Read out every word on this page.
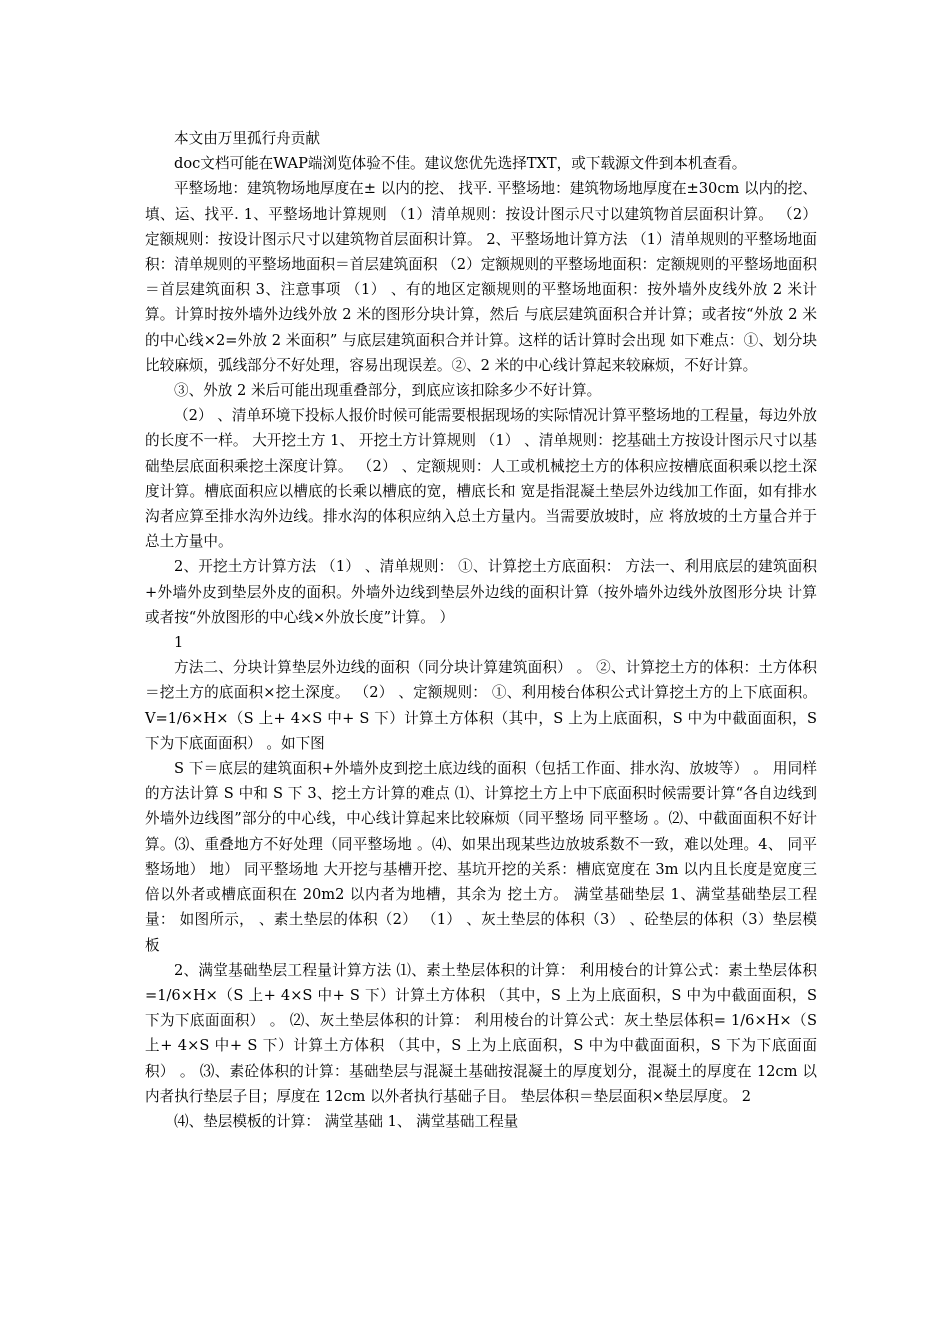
本文由万里孤行舟贡献

doc文档可能在WAP端浏览体验不佳。建议您优先选择TXT，或下载源文件到本机查看。

平整场地：建筑物场地厚度在± 以内的挖、 找平. 平整场地：建筑物场地厚度在±30cm 以内的挖、填、运、找平. 1、平整场地计算规则 （1）清单规则：按设计图示尺寸以建筑物首层面积计算。 （2）定额规则：按设计图示尺寸以建筑物首层面积计算。 2、平整场地计算方法 （1）清单规则的平整场地面积：清单规则的平整场地面积＝首层建筑面积 （2）定额规则的平整场地面积：定额规则的平整场地面积＝首层建筑面积 3、注意事项 （1） 、有的地区定额规则的平整场地面积：按外墙外皮线外放 2 米计算。计算时按外墙外边线外放 2 米的图形分块计算，然后 与底层建筑面积合并计算；或者按“外放 2 米的中心线×2=外放 2 米面积” 与底层建筑面积合并计算。这样的话计算时会出现 如下难点：①、划分块比较麻烦，弧线部分不好处理，容易出现误差。②、2 米的中心线计算起来较麻烦，不好计算。

③、外放 2 米后可能出现重叠部分，到底应该扣除多少不好计算。

（2） 、清单环境下投标人报价时候可能需要根据现场的实际情况计算平整场地的工程量，每边外放的长度不一样。 大开挖土方 1、 开挖土方计算规则 （1） 、清单规则：挖基础土方按设计图示尺寸以基础垫层底面积乘挖土深度计算。 （2） 、定额规则：人工或机械挖土方的体积应按槽底面积乘以挖土深度计算。槽底面积应以槽底的长乘以槽底的宽，槽底长和 宽是指混凝土垫层外边线加工作面，如有排水沟者应算至排水沟外边线。排水沟的体积应纳入总土方量内。当需要放坡时，应 将放坡的土方量合并于总土方量中。

2、开挖土方计算方法 （1） 、清单规则： ①、计算挖土方底面积： 方法一、利用底层的建筑面积+外墙外皮到垫层外皮的面积。外墙外边线到垫层外边线的面积计算（按外墙外边线外放图形分块 计算或者按“外放图形的中心线×外放长度”计算。 ）

1

方法二、分块计算垫层外边线的面积（同分块计算建筑面积） 。 ②、计算挖土方的体积：土方体积＝挖土方的底面积×挖土深度。 （2） 、定额规则： ①、利用棱台体积公式计算挖土方的上下底面积。 V=1/6×H×（S 上+ 4×S 中+ S 下）计算土方体积（其中，S 上为上底面积，S 中为中截面面积，S 下为下底面面积） 。如下图

S 下＝底层的建筑面积+外墙外皮到挖土底边线的面积（包括工作面、排水沟、放坡等） 。 用同样的方法计算 S 中和 S 下 3、挖土方计算的难点 ⑴、计算挖土方上中下底面积时候需要计算“各自边线到外墙外边线图”部分的中心线，中心线计算起来比较麻烦（同平整场 同平整场 。⑵、中截面面积不好计算。⑶、重叠地方不好处理（同平整场地 。⑷、如果出现某些边放坡系数不一致，难以处理。4、 同平整场地） 地） 同平整场地 大开挖与基槽开挖、基坑开挖的关系：槽底宽度在 3m 以内且长度是宽度三倍以外者或槽底面积在 20m2 以内者为地槽，其余为 挖土方。 满堂基础垫层 1、满堂基础垫层工程量： 如图所示， 、素土垫层的体积（2） （1） 、灰土垫层的体积（3） 、砼垫层的体积（3）垫层模板

2、满堂基础垫层工程量计算方法 ⑴、素土垫层体积的计算： 利用棱台的计算公式：素土垫层体积=1/6×H×（S 上+ 4×S 中+ S 下）计算土方体积 （其中，S 上为上底面积，S 中为中截面面积，S 下为下底面面积） 。 ⑵、灰土垫层体积的计算： 利用棱台的计算公式：灰土垫层体积= 1/6×H×（S 上+ 4×S 中+ S 下）计算土方体积 （其中，S 上为上底面积，S 中为中截面面积，S 下为下底面面积） 。 ⑶、素砼体积的计算：基础垫层与混凝土基础按混凝土的厚度划分，混凝土的厚度在 12cm 以内者执行垫层子目；厚度在 12cm 以外者执行基础子目。 垫层体积＝垫层面积×垫层厚度。 2

⑷、垫层模板的计算： 满堂基础 1、 满堂基础工程量
